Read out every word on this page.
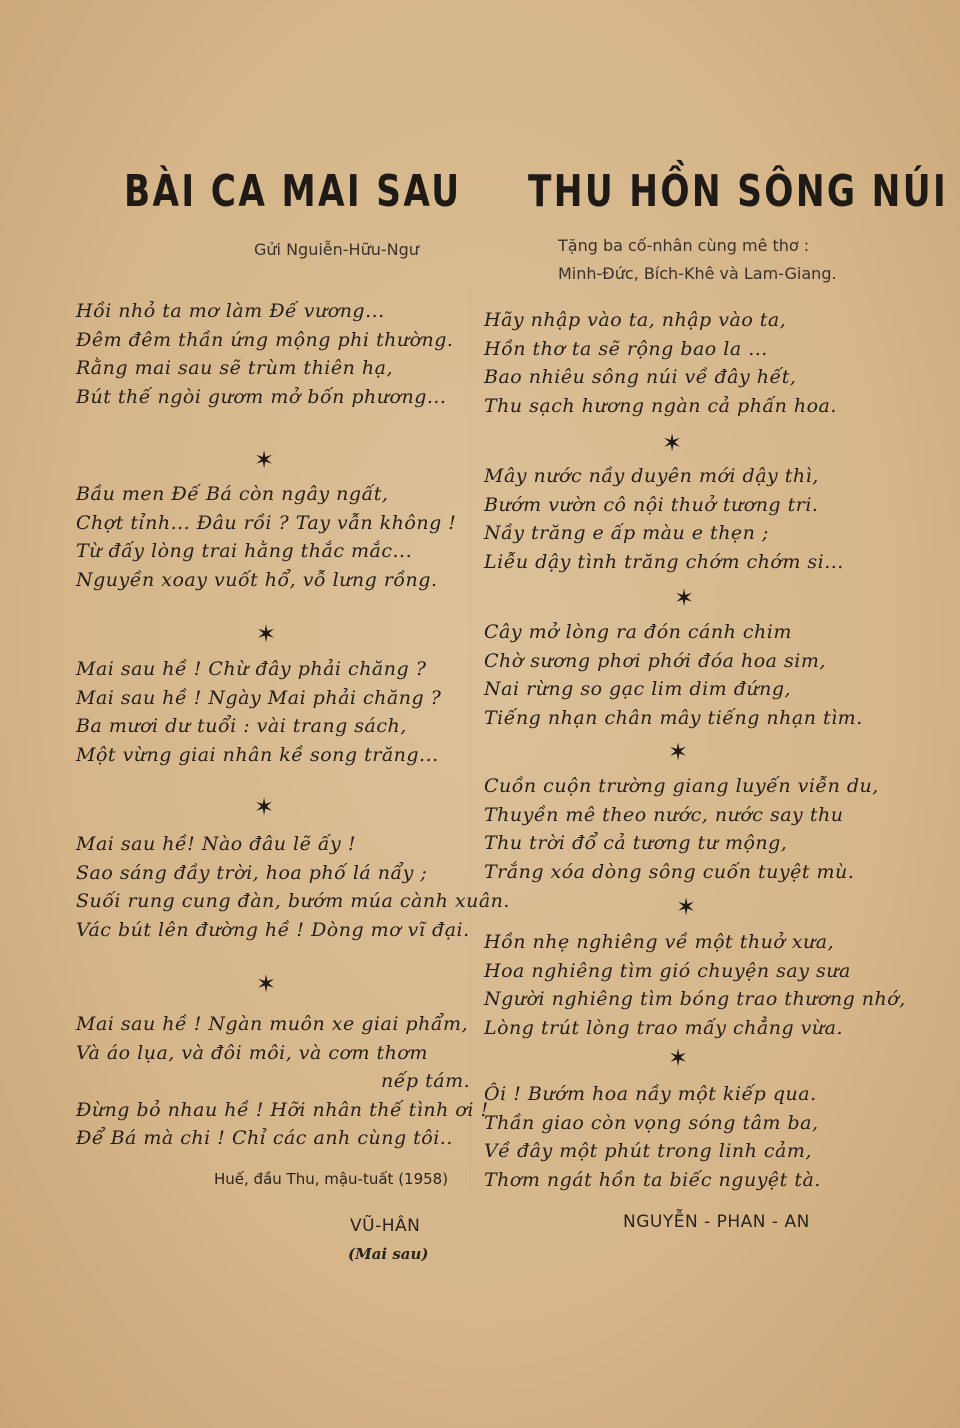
BÀI CA MAI SAU
Gửi Nguiễn-Hữu-Ngư
Hồi nhỏ ta mơ làm Đế vương...
Đêm đêm thần ứng mộng phi thường.
Rằng mai sau sẽ trùm thiên hạ,
Bút thế ngòi gươm mở bốn phương...
✶
Bầu men Đế Bá còn ngây ngất,
Chợt tỉnh... Đâu rồi ? Tay vẫn không !
Từ đấy lòng trai hằng thắc mắc...
Nguyền xoay vuốt hổ, vỗ lưng rồng.
✶
Mai sau hề ! Chừ đây phải chăng ?
Mai sau hề ! Ngày Mai phải chăng ?
Ba mươi dư tuổi : vài trang sách,
Một vừng giai nhân kề song trăng...
✶
Mai sau hề! Nào đâu lẽ ấy !
Sao sáng đầy trời, hoa phố lá nẩy ;
Suối rung cung đàn, bướm múa cành xuân.
Vác bút lên đường hề ! Dòng mơ vĩ đại.
✶
Mai sau hề ! Ngàn muôn xe giai phẩm,
Và áo lụa, và đôi môi, và cơm thơm
nếp tám.
Đừng bỏ nhau hề ! Hỡi nhân thế tình ơi !
Để Bá mà chi ! Chỉ các anh cùng tôi..
Huế, đầu Thu, mậu-tuất (1958)
VŨ-HÂN
(Mai sau)
THU HỒN SÔNG NÚI
Tặng ba cố-nhân cùng mê thơ :
Minh-Đức, Bích-Khê và Lam-Giang.
Hãy nhập vào ta, nhập vào ta,
Hồn thơ ta sẽ rộng bao la ...
Bao nhiêu sông núi về đây hết,
Thu sạch hương ngàn cả phấn hoa.
✶
Mây nước nầy duyên mới dậy thì,
Bướm vườn cô nội thuở tương tri.
Nầy trăng e ấp màu e thẹn ;
Liễu dậy tình trăng chớm chớm si...
✶
Cây mở lòng ra đón cánh chim
Chờ sương phơi phới đóa hoa sim,
Nai rừng so gạc lim dim đứng,
Tiếng nhạn chân mây tiếng nhạn tìm.
✶
Cuồn cuộn trường giang luyến viễn du,
Thuyền mê theo nước, nước say thu
Thu trời đổ cả tương tư mộng,
Trắng xóa dòng sông cuốn tuyệt mù.
✶
Hồn nhẹ nghiêng về một thuở xưa,
Hoa nghiêng tìm gió chuyện say sưa
Người nghiêng tìm bóng trao thương nhớ,
Lòng trút lòng trao mấy chẳng vừa.
✶
Ôi ! Bướm hoa nầy một kiếp qua.
Thần giao còn vọng sóng tâm ba,
Về đây một phút trong linh cảm,
Thơm ngát hồn ta biếc nguyệt tà.
NGUYỄN - PHAN - AN
